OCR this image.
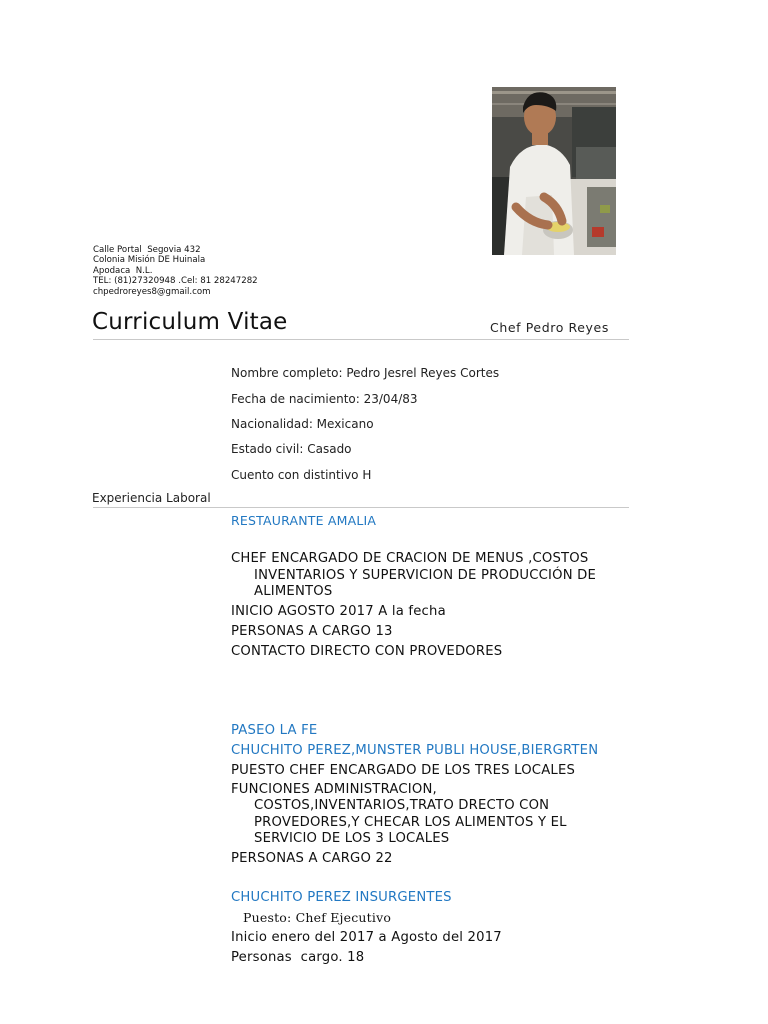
Calle Portal  Segovia 432
Colonia Misión DE Huinala
Apodaca  N.L.
TEL: (81)27320948 .Cel: 81 28247282
chpedroreyes8@gmail.com
Curriculum Vitae	Chef Pedro Reyes
Nombre completo: Pedro Jesrel Reyes Cortes
Fecha de nacimiento: 23/04/83
Nacionalidad: Mexicano
Estado civil: Casado
Cuento con distintivo H
Experiencia Laboral
RESTAURANTE AMALIA
CHEF ENCARGADO DE CRACION DE MENUS ,COSTOS
INVENTARIOS Y SUPERVICION DE PRODUCCIÓN DE
ALIMENTOS
INICIO AGOSTO 2017 A la fecha
PERSONAS A CARGO 13
CONTACTO DIRECTO CON PROVEDORES
PASEO LA FE
CHUCHITO PEREZ,MUNSTER PUBLI HOUSE,BIERGRTEN
PUESTO CHEF ENCARGADO DE LOS TRES LOCALES
FUNCIONES ADMINISTRACION,
COSTOS,INVENTARIOS,TRATO DRECTO CON
PROVEDORES,Y CHECAR LOS ALIMENTOS Y EL
SERVICIO DE LOS 3 LOCALES
PERSONAS A CARGO 22
CHUCHITO PEREZ INSURGENTES
Puesto: Chef Ejecutivo
Inicio enero del 2017 a Agosto del 2017
Personas  cargo. 18
